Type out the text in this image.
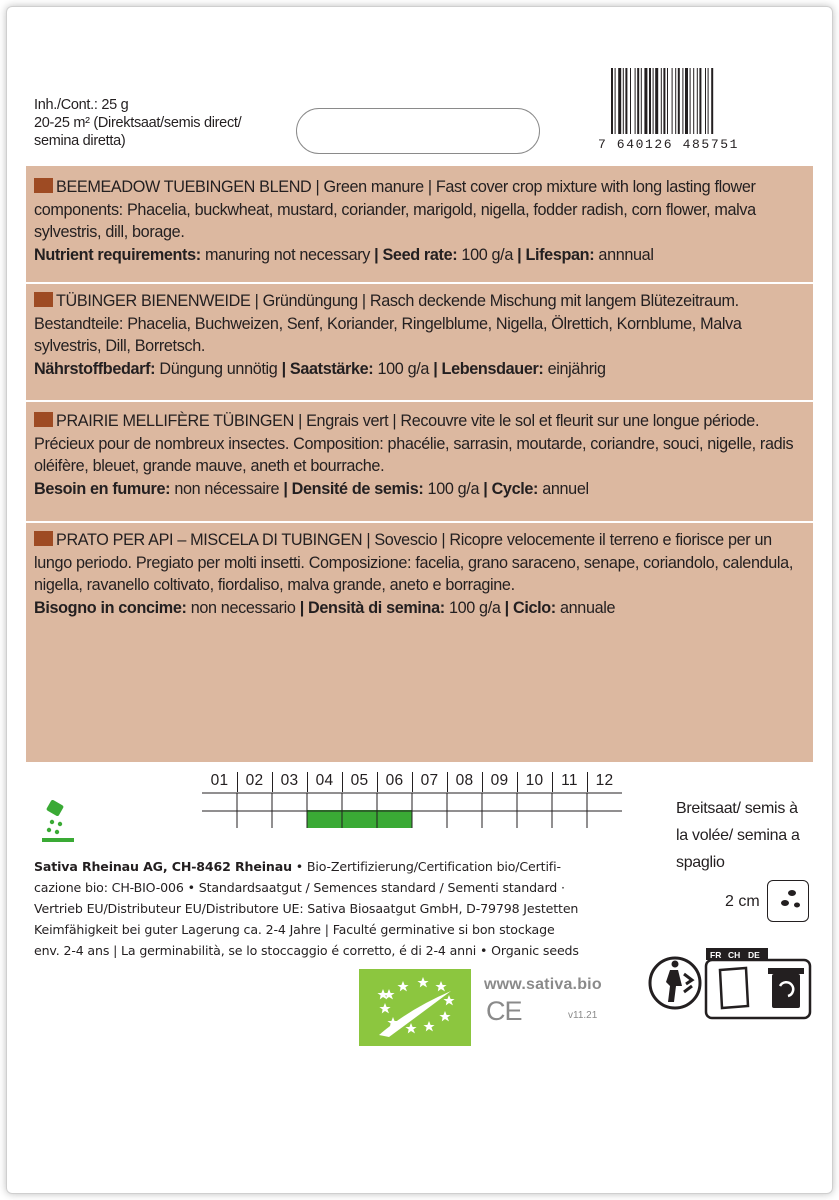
Inh./Cont.: 25 g
20-25 m² (Direktsaat/semis direct/
semina diretta)	7 640126 485751
BEEMEADOW TUEBINGEN BLEND | Green manure | Fast cover crop mixture with long lasting flower components: Phacelia, buckwheat, mustard, coriander, marigold, nigella, fodder radish, corn flower, malva sylvestris, dill, borage.
Nutrient requirements: manuring not necessary | Seed rate: 100 g/a | Lifespan: annnual
TÜBINGER BIENENWEIDE | Gründüngung | Rasch deckende Mischung mit langem Blütezeitraum. Bestandteile: Phacelia, Buchweizen, Senf, Koriander, Ringelblume, Nigella, Ölrettich, Kornblume, Malva sylvestris, Dill, Borretsch.
Nährstoffbedarf: Düngung unnötig | Saatstärke: 100 g/a | Lebensdauer: einjährig
PRAIRIE MELLIFÈRE TÜBINGEN | Engrais vert | Recouvre vite le sol et fleurit sur une longue période. Précieux pour de nombreux insectes. Composition: phacélie, sarrasin, moutarde, coriandre, souci, nigelle, radis oléifère, bleuet, grande mauve, aneth et bourrache.
Besoin en fumure: non nécessaire | Densité de semis: 100 g/a | Cycle: annuel
PRATO PER API – MISCELA DI TUBINGEN | Sovescio | Ricopre velocemente il terreno e fiorisce per un lungo periodo. Pregiato per molti insetti. Composizione: facelia, grano saraceno, senape, coriandolo, calendula, nigella, ravanello coltivato, fiordaliso, malva grande, aneto e borragine.
Bisogno in concime: non necessario | Densità di semina: 100 g/a | Ciclo: annuale
01	02	03	04	05	06	07	08	09	10	11	12
Breitsaat/ semis à
la volée/ semina a
spaglio
2 cm
Sativa Rheinau AG, CH-8462 Rheinau • Bio-Zertifizierung/Certification bio/Certifi-
cazione bio: CH-BIO-006 • Standardsaatgut / Semences standard / Sementi standard ·
Vertrieb EU/Distributeur EU/Distributore UE: Sativa Biosaatgut GmbH, D-79798 Jestetten
Keimfähigkeit bei guter Lagerung ca. 2-4 Jahre | Faculté germinative si bon stockage
env. 2-4 ans | La germinabilità, se lo stoccaggio é corretto, é di 2-4 anni • Organic seeds
www.sativa.bio
CE	v11.21
FR CH DE
